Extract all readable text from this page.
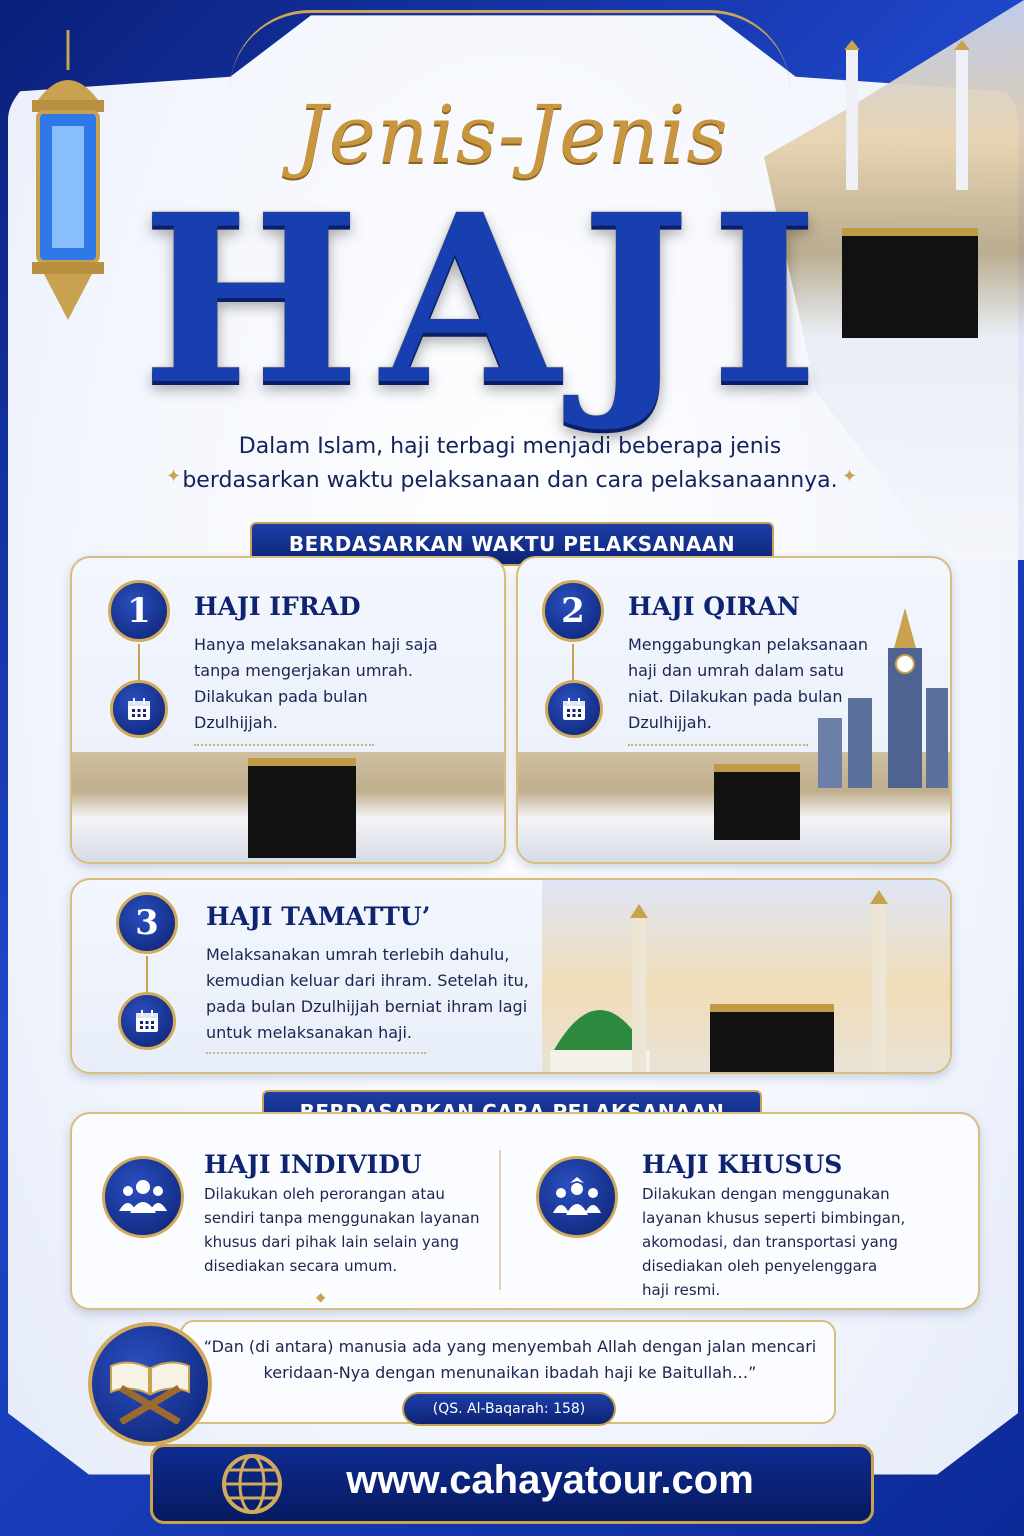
Jenis-Jenis
HAJI
Dalam Islam, haji terbagi menjadi beberapa jenis
berdasarkan waktu pelaksanaan dan cara pelaksanaannya.
✦	✦
BERDASARKAN WAKTU PELAKSANAAN
1	HAJI IFRAD
Hanya melaksanakan haji saja
tanpa mengerjakan umrah.
Dilakukan pada bulan
Dzulhijjah.
2	HAJI QIRAN
Menggabungkan pelaksanaan
haji dan umrah dalam satu
niat. Dilakukan pada bulan
Dzulhijjah.
3	HAJI TAMATTU’
Melaksanakan umrah terlebih dahulu,
kemudian keluar dari ihram. Setelah itu,
pada bulan Dzulhijjah berniat ihram lagi
untuk melaksanakan haji.
◆
HAJI INDIVIDU
Dilakukan oleh perorangan atau
sendiri tanpa menggunakan layanan
khusus dari pihak lain selain yang
disediakan secara umum.
HAJI KHUSUS
Dilakukan dengan menggunakan
layanan khusus seperti bimbingan,
akomodasi, dan transportasi yang
disediakan oleh penyelenggara
haji resmi.
“Dan (di antara) manusia ada yang menyembah Allah dengan jalan mencari
keridaan-Nya dengan menunaikan ibadah haji ke Baitullah…”
(QS. Al-Baqarah: 158)
www.cahayatour.com
